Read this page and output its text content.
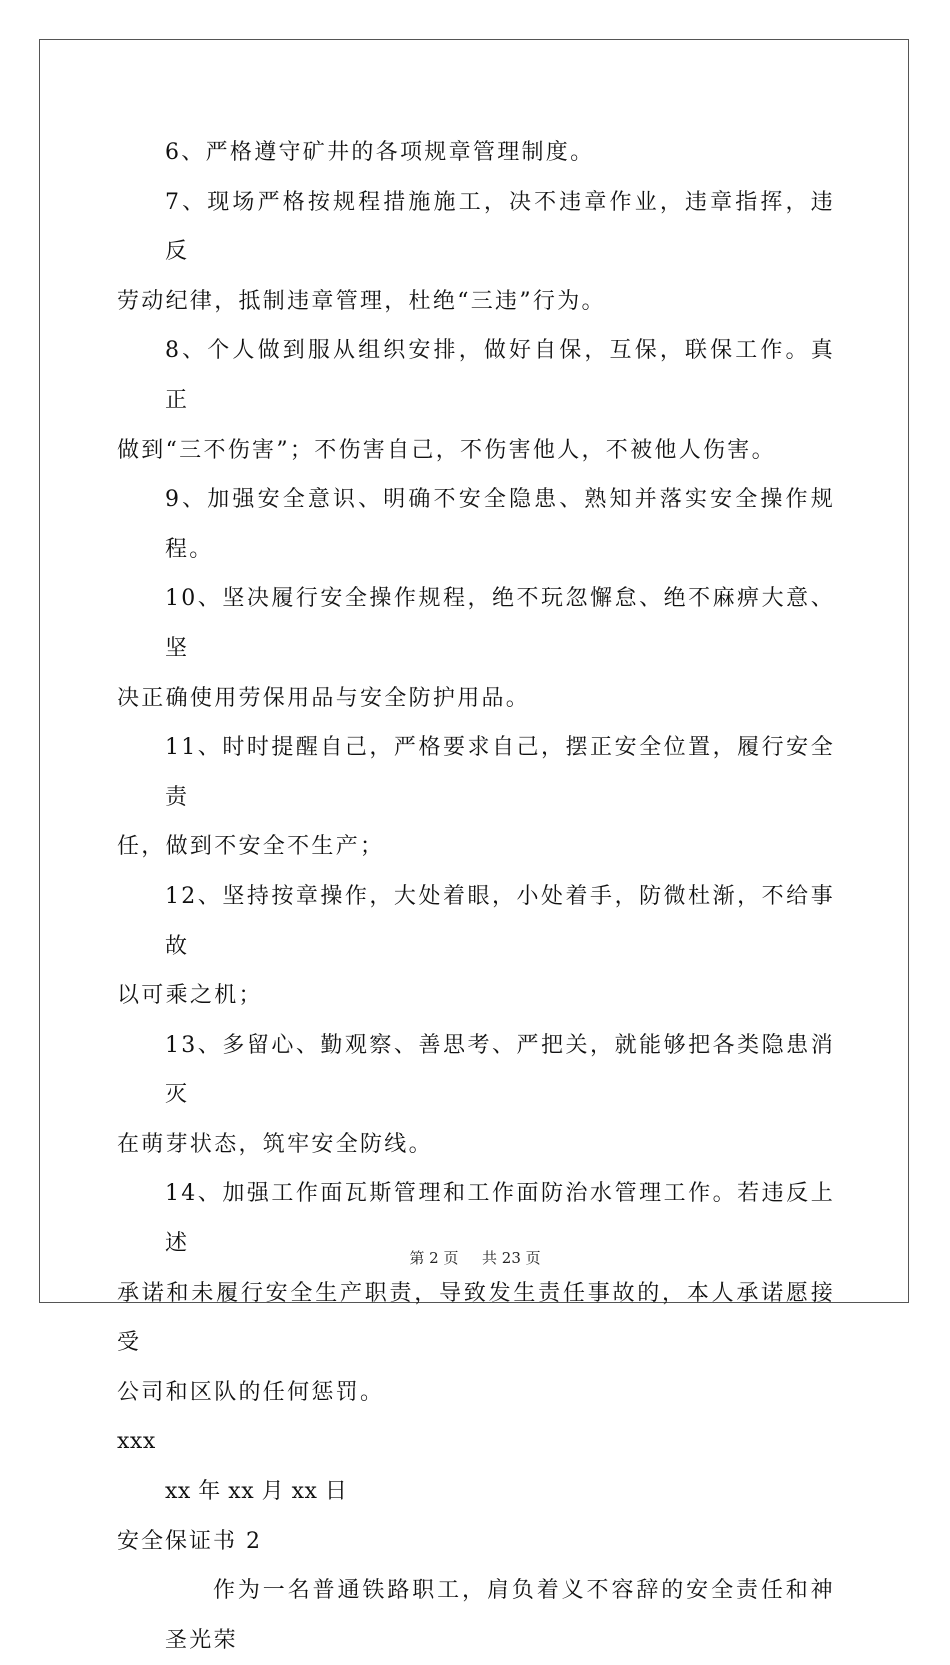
6、严格遵守矿井的各项规章管理制度。

7、现场严格按规程措施施工，决不违章作业，违章指挥，违反
劳动纪律，抵制违章管理，杜绝“三违”行为。

8、个人做到服从组织安排，做好自保，互保，联保工作。真正
做到“三不伤害”；不伤害自己，不伤害他人，不被他人伤害。

9、加强安全意识、明确不安全隐患、熟知并落实安全操作规程。

10、坚决履行安全操作规程，绝不玩忽懈怠、绝不麻痹大意、坚
决正确使用劳保用品与安全防护用品。

11、时时提醒自己，严格要求自己，摆正安全位置，履行安全责
任，做到不安全不生产；

12、坚持按章操作，大处着眼，小处着手，防微杜渐，不给事故
以可乘之机；

13、多留心、勤观察、善思考、严把关，就能够把各类隐患消灭
在萌芽状态，筑牢安全防线。

14、加强工作面瓦斯管理和工作面防治水管理工作。若违反上述
承诺和未履行安全生产职责，导致发生责任事故的，本人承诺愿接受
公司和区队的任何惩罚。

xxx

xx 年 xx 月 xx 日

安全保证书 2

作为一名普通铁路职工，肩负着义不容辞的安全责任和神圣光荣

第 2 页 共 23 页
